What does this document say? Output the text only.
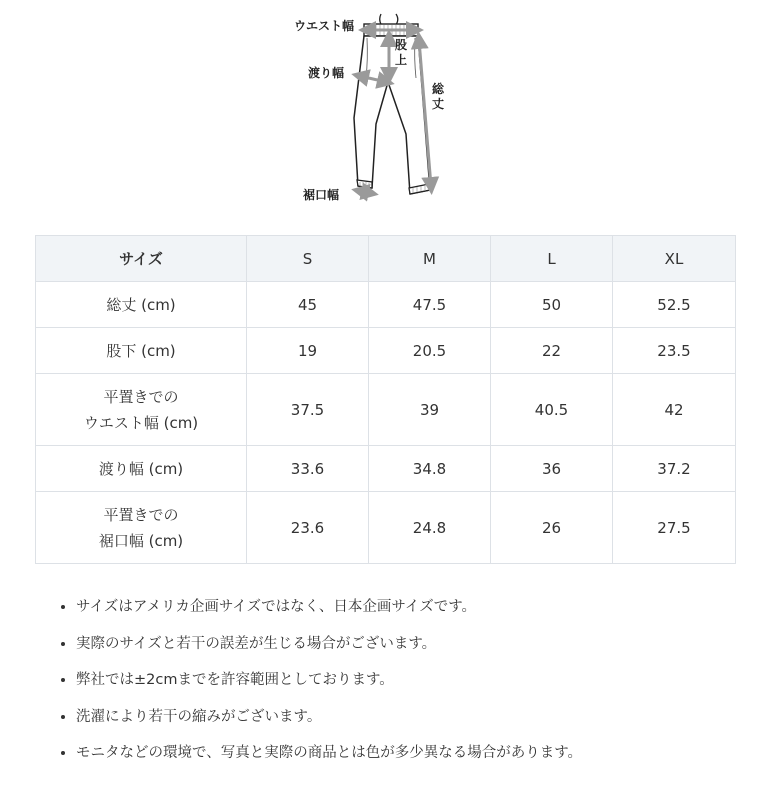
ウエスト幅
股上
渡り幅
総丈
裾口幅
サイズ	S	M	L	XL
総丈 (cm)	45	47.5	50	52.5
股下 (cm)	19	20.5	22	23.5
平置きでの
ウエスト幅 (cm)	37.5	39	40.5	42
渡り幅 (cm)	33.6	34.8	36	37.2
平置きでの
裾口幅 (cm)	23.6	24.8	26	27.5
• サイズはアメリカ企画サイズではなく、日本企画サイズです。
• 実際のサイズと若干の誤差が生じる場合がございます。
• 弊社では±2cmまでを許容範囲としております。
• 洗濯により若干の縮みがございます。
• モニタなどの環境で、写真と実際の商品とは色が多少異なる場合があります。
